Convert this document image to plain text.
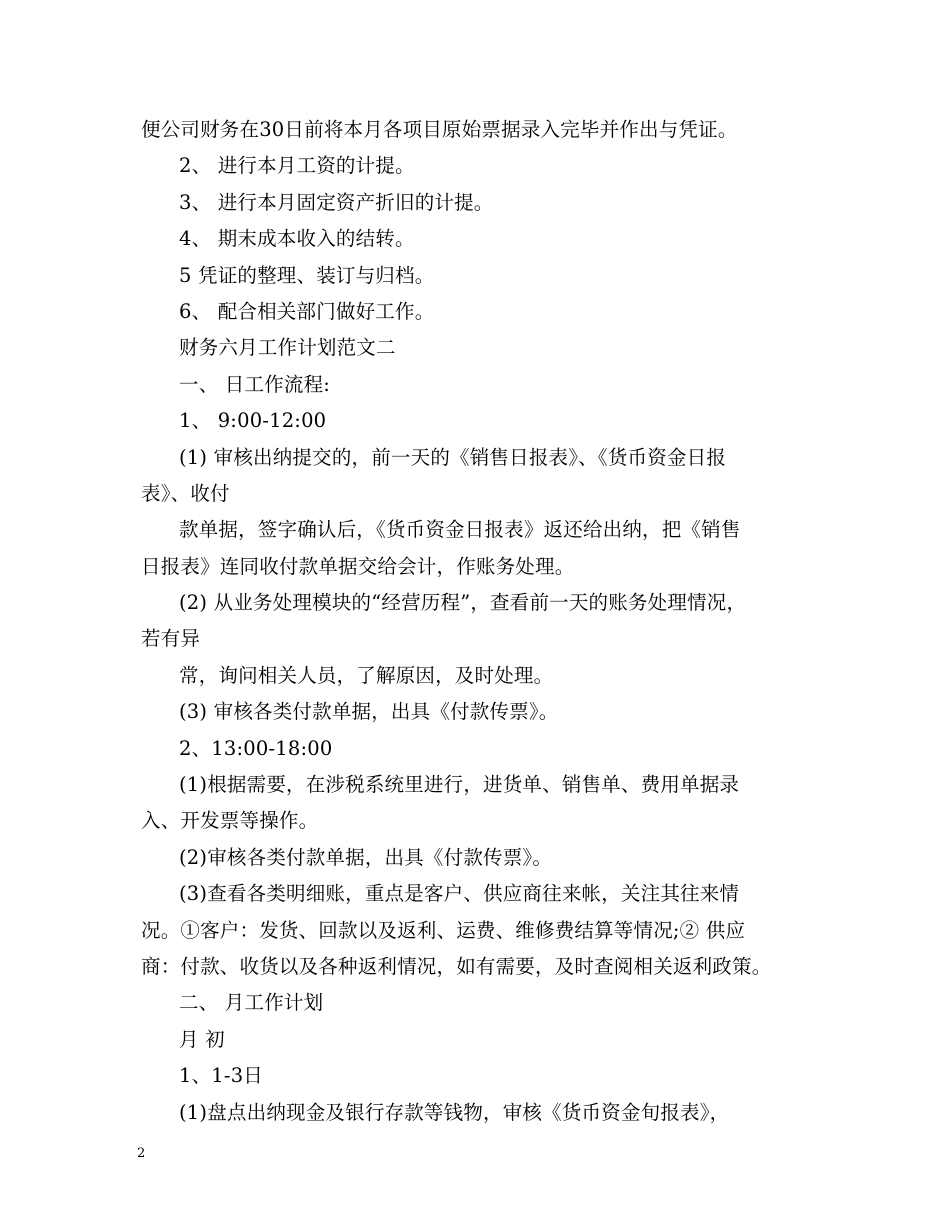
便公司财务在30日前将本月各项目原始票据录入完毕并作出与凭证。
2、 进行本月工资的计提。
3、 进行本月固定资产折旧的计提。
4、 期末成本收入的结转。
5 凭证的整理、装订与归档。
6、 配合相关部门做好工作。
财务六月工作计划范文二
一、 日工作流程:
1、 9:00-12:00
(1) 审核出纳提交的，前一天的《销售日报表》、《货币资金日报
表》、收付
款单据，签字确认后，《货币资金日报表》返还给出纳，把《销售
日报表》连同收付款单据交给会计，作账务处理。
(2) 从业务处理模块的“经营历程”，查看前一天的账务处理情况，
若有异
常，询问相关人员，了解原因，及时处理。
(3) 审核各类付款单据，出具《付款传票》。
2、13:00-18:00
(1)根据需要，在涉税系统里进行，进货单、销售单、费用单据录
入、开发票等操作。
(2)审核各类付款单据，出具《付款传票》。
(3)查看各类明细账，重点是客户、供应商往来帐，关注其往来情
况。①客户：发货、回款以及返利、运费、维修费结算等情况;② 供应
商：付款、收货以及各种返利情况，如有需要，及时查阅相关返利政策。
二、 月工作计划
月 初
1、1-3日
(1)盘点出纳现金及银行存款等钱物，审核《货币资金旬报表》，
2
